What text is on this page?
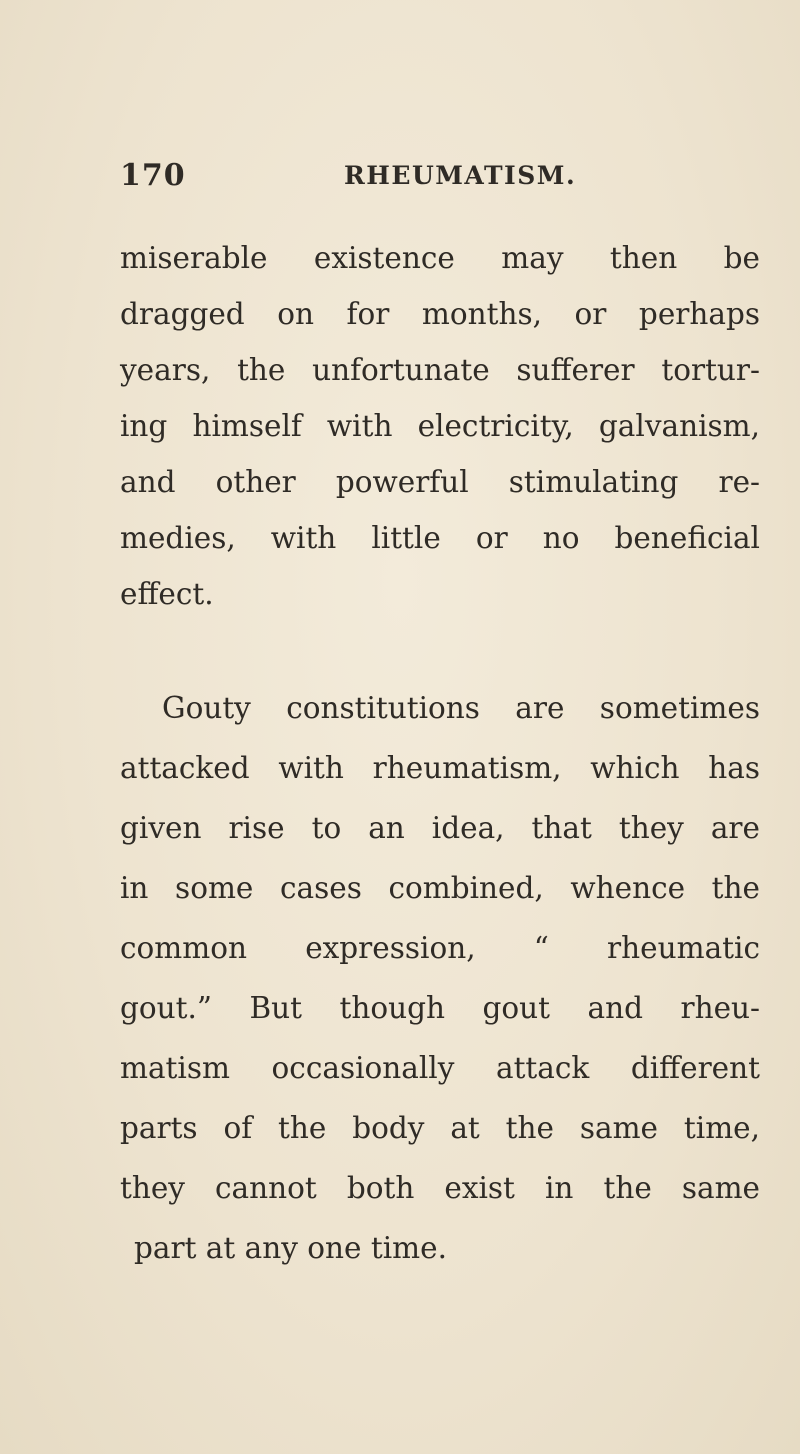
170	RHEUMATISM.
miserable existence may then be
dragged on for months, or perhaps
years, the unfortunate sufferer tortur-
ing himself with electricity, galvanism,
and other powerful stimulating re-
medies, with little or no beneficial
effect.
Gouty constitutions are sometimes
attacked with rheumatism, which has
given rise to an idea, that they are
in some cases combined, whence the
common expression, “ rheumatic
gout.” But though gout and rheu-
matism occasionally attack different
parts of the body at the same time,
they cannot both exist in the same
part at any one time.
